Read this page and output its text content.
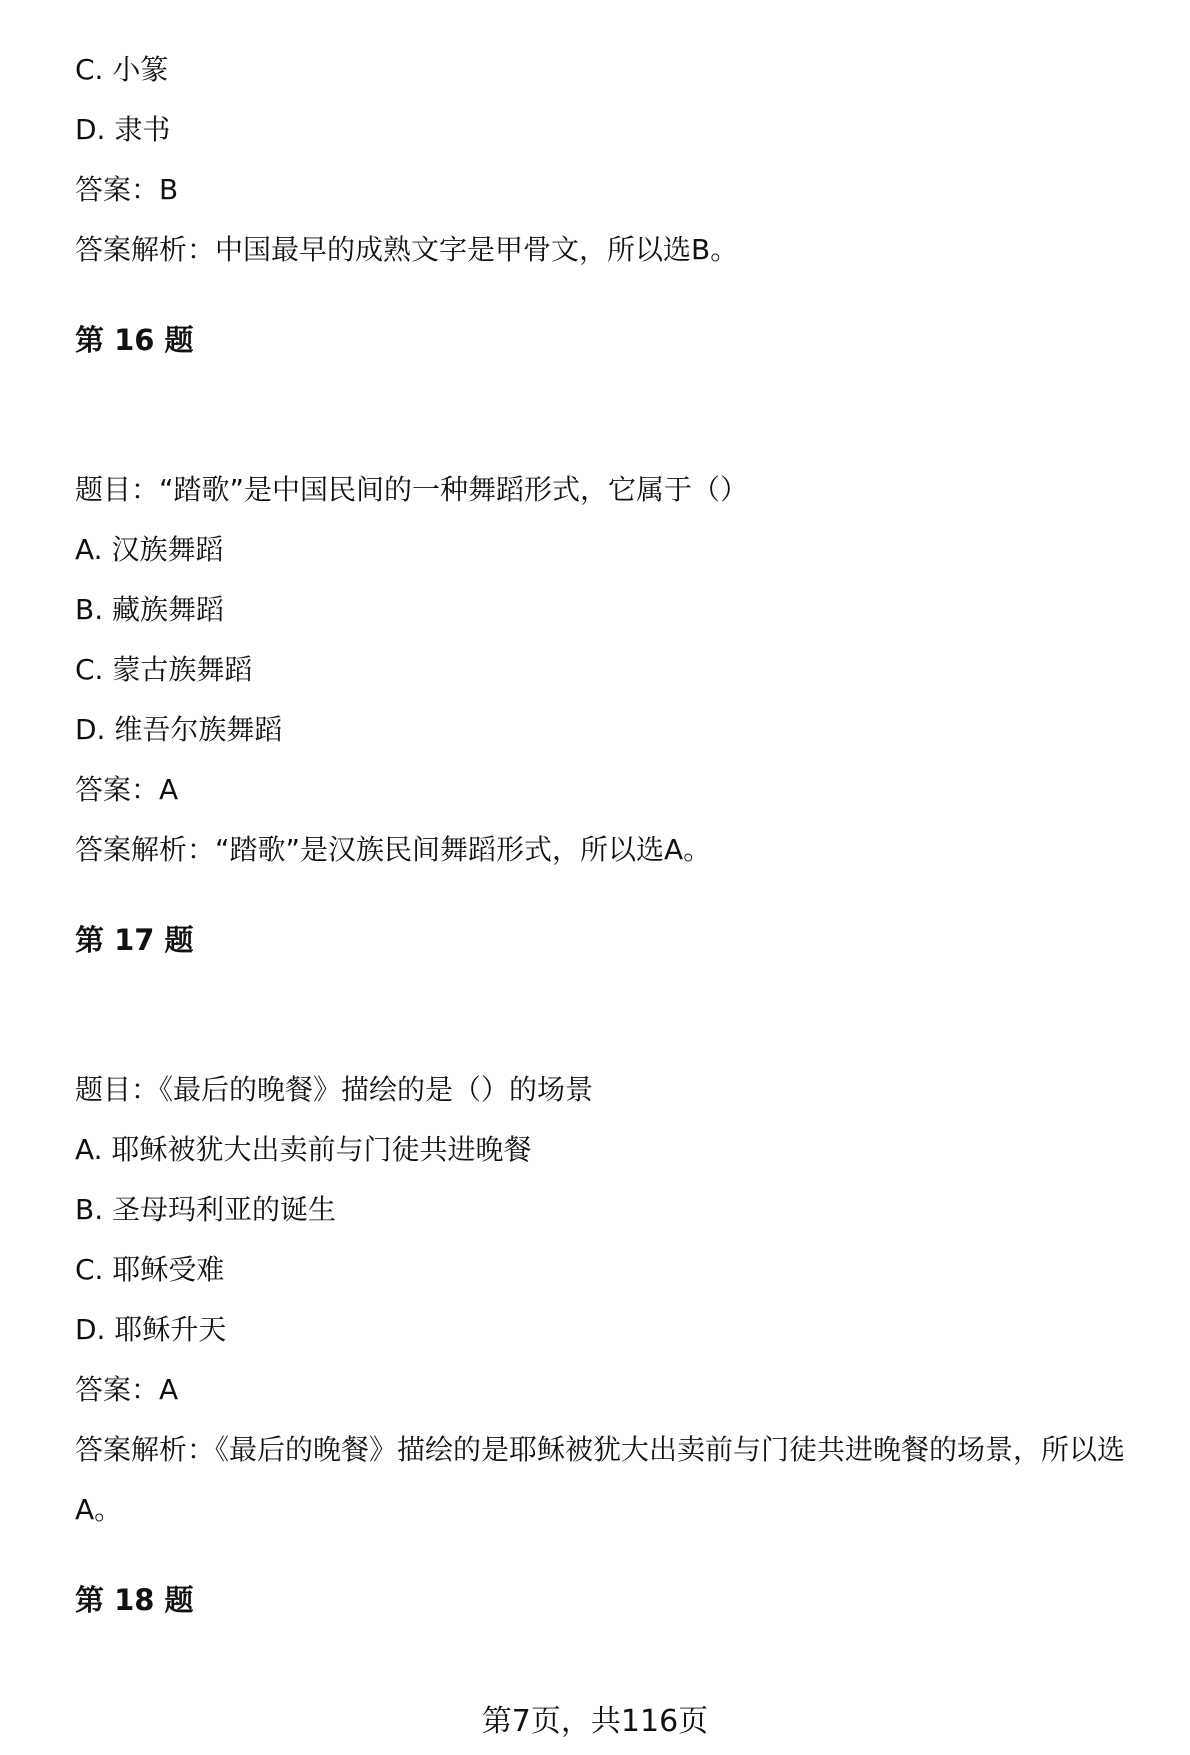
C. 小篆
D. 隶书
答案：B
答案解析：中国最早的成熟文字是甲骨文，所以选B。
第 16 题
题目：“踏歌”是中国民间的一种舞蹈形式，它属于（）
A. 汉族舞蹈
B. 藏族舞蹈
C. 蒙古族舞蹈
D. 维吾尔族舞蹈
答案：A
答案解析：“踏歌”是汉族民间舞蹈形式，所以选A。
第 17 题
题目：《最后的晚餐》描绘的是（）的场景
A. 耶稣被犹大出卖前与门徒共进晚餐
B. 圣母玛利亚的诞生
C. 耶稣受难
D. 耶稣升天
答案：A
答案解析：《最后的晚餐》描绘的是耶稣被犹大出卖前与门徒共进晚餐的场景，所以选A。
第 18 题
第7页，共116页
